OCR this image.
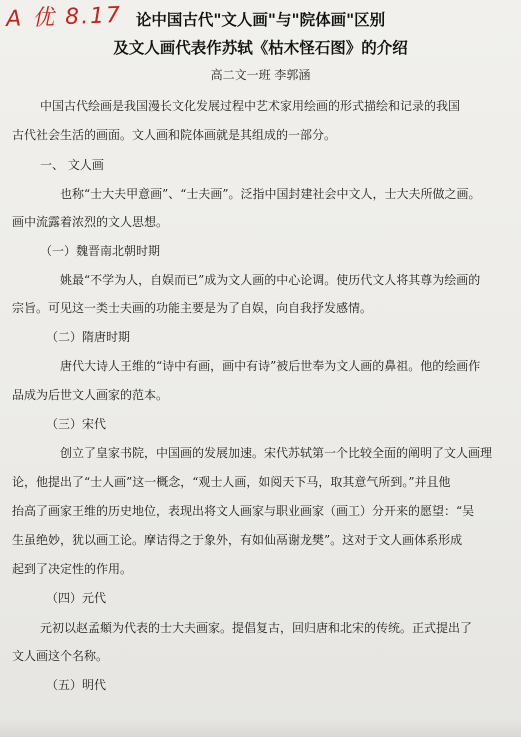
A 优 8.17 论中国古代"文人画"与"院体画"区别
及文人画代表作苏轼《枯木怪石图》的介绍
高二文一班 李郭涵
中国古代绘画是我国漫长文化发展过程中艺术家用绘画的形式描绘和记录的我国
古代社会生活的画面。文人画和院体画就是其组成的一部分。
一、 文人画
也称“士大夫甲意画”、“士夫画”。泛指中国封建社会中文人，士大夫所做之画。
画中流露着浓烈的文人思想。
（一）魏晋南北朝时期
姚最“不学为人，自娱而已”成为文人画的中心论调。使历代文人将其尊为绘画的
宗旨。可见这一类士夫画的功能主要是为了自娱，向自我抒发感情。
（二）隋唐时期
唐代大诗人王维的“诗中有画，画中有诗”被后世奉为文人画的鼻祖。他的绘画作
品成为后世文人画家的范本。
（三）宋代
创立了皇家书院，中国画的发展加速。宋代苏轼第一个比较全面的阐明了文人画理
论，他提出了“士人画”这一概念，“观士人画，如阅天下马，取其意气所到。”并且他
抬高了画家王维的历史地位，表现出将文人画家与职业画家（画工）分开来的愿望：“吴
生虽绝妙，犹以画工论。摩诘得之于象外，有如仙鬲谢龙樊”。这对于文人画体系形成
起到了决定性的作用。
（四）元代
元初以赵孟頫为代表的士大夫画家。提倡复古，回归唐和北宋的传统。正式提出了
文人画这个名称。
（五）明代
